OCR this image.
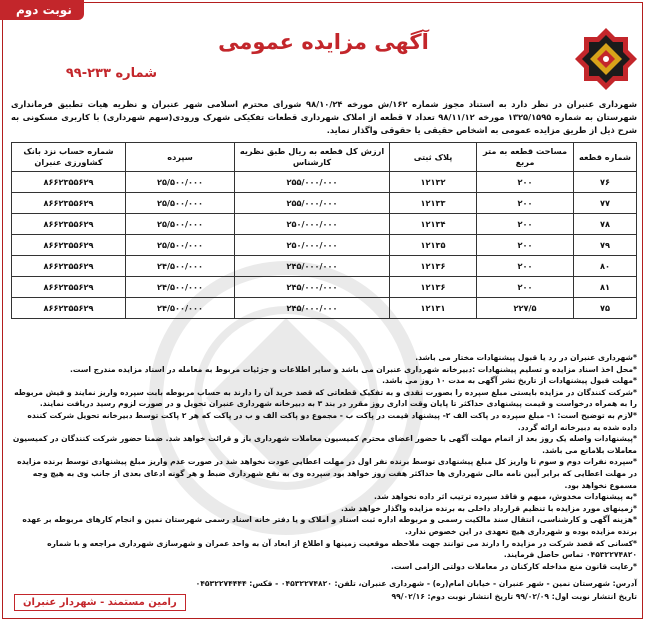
نوبت دوم
آگهی مزایده عمومی
شماره ۲۳۳-۹۹
شهرداری عنبران در نظر دارد به استناد مجوز شماره ۱۶۲/ش مورخه ۹۸/۱۰/۲۴ شورای محترم اسلامی شهر عنبران و نظریه هیات تطبیق فرمانداری شهرستان به شماره ۱۳۲۵/۱۵۹۵ مورخه ۹۸/۱۱/۱۲ تعداد ۷ قطعه از املاک شهرداری قطعات تفکیکی شهرک ورودی(سهم شهرداری) با کاربری مسکونی به شرح ذیل از طریق مزایده عمومی به اشخاص حقیقی یا حقوقی واگذار نماید.
شماره قطعه	مساحت قطعه به متر مربع	پلاک ثبتی	ارزش کل قطعه به ریال طبق نظریه کارشناس	سپرده	شماره حساب نزد بانک کشاورزی عنبران
۷۶	۲۰۰	۱۲۱۳۲	۲۵۵/۰۰۰/۰۰۰	۲۵/۵۰۰/۰۰۰	۸۶۶۲۳۵۵۶۲۹
۷۷	۲۰۰	۱۲۱۳۳	۲۵۵/۰۰۰/۰۰۰	۲۵/۵۰۰/۰۰۰	۸۶۶۲۳۵۵۶۲۹
۷۸	۲۰۰	۱۲۱۳۴	۲۵۰/۰۰۰/۰۰۰	۲۵/۵۰۰/۰۰۰	۸۶۶۲۳۵۵۶۲۹
۷۹	۲۰۰	۱۲۱۳۵	۲۵۰/۰۰۰/۰۰۰	۲۵/۵۰۰/۰۰۰	۸۶۶۲۳۵۵۶۲۹
۸۰	۲۰۰	۱۲۱۳۶	۲۴۵/۰۰۰/۰۰۰	۲۴/۵۰۰/۰۰۰	۸۶۶۲۳۵۵۶۲۹
۸۱	۲۰۰	۱۲۱۳۶	۲۴۵/۰۰۰/۰۰۰	۲۴/۵۰۰/۰۰۰	۸۶۶۲۳۵۵۶۲۹
۷۵	۲۲۷/۵	۱۲۱۳۱	۲۴۵/۰۰۰/۰۰۰	۲۴/۵۰۰/۰۰۰	۸۶۶۲۳۵۵۶۲۹

*شهرداری عنبران در رد یا قبول پیشنهادات مختار می باشد.

*محل اخذ اسناد مزایده و تسلیم پیشنهادات :دبیرخانه شهرداری عنبران می باشد و سایر اطلاعات و جزئیات مربوط به معامله در اسناد مزایده مندرج است.

*مهلت قبول پیشنهادات از تاریخ نشر آگهی به مدت ۱۰ روز می باشد.

*شرکت کنندگان در مزایده بایستی مبلغ سپرده را بصورت نقدی و به تفکیک قطعاتی که قصد خرید آن را دارند به حساب مربوطه بابت سپرده واریز نمایند و فیش مربوطه را به همراه درخواست و قیمت پیشنهادی حداکثر تا پایان وقت اداری روز مقرر در بند ۳ به دبیرخانه شهرداری عنبران تحویل و در صورت لزوم رسید دریافت نمایند.

*لازم به توضیح است: ۱- مبلغ سپرده در پاکت الف ۲- پیشنهاد قیمت در پاکت ب - مجموع دو پاکت الف و ب در پاکت که هر ۲ پاکت توسط دبیرخانه تحویل شرکت کننده داده شده به دبیرخانه ارائه گردد.

*پیشنهادات واصله یک روز بعد از اتمام مهلت آگهی با حضور اعضای محترم کمیسیون معاملات شهرداری باز و قرائت خواهد شد. ضمنا حضور شرکت کنندگان در کمیسیون معاملات بلامانع می باشد.

*سپرده نفرات دوم و سوم تا واریز کل مبلغ پیشنهادی توسط برنده نفر اول در مهلت اعطایی عودت نخواهد شد در صورت عدم واریز مبلغ پیشنهادی توسط برنده مزایده در مهلت اعطایی که برابر آیین نامه مالی شهرداری ها حداکثر هفت روز خواهد بود سپرده وی به نفع شهرداری ضبط و هر گونه ادعای بعدی از جانب وی به هیچ وجه مسموع نخواهد بود.

*به پیشنهادات مخدوش، مبهم و فاقد سپرده ترتیب اثر داده نخواهد شد.

*زمینهای مورد مزایده با تنظیم قرارداد داخلی به برنده مزایده واگذار خواهد شد.

*هزینه آگهی و کارشناسی، انتقال سند مالکیت رسمی و مربوطه اداره ثبت اسناد و املاک و یا دفتر خانه اسناد رسمی شهرستان نمین و انجام کارهای مربوطه بر عهده برنده مزایده بوده و شهرداری هیچ تعهدی در این خصوص ندارد.

*کسانی که قصد شرکت در مزایده را دارند می توانند جهت ملاحظه موقعیت زمینها و اطلاع از ابعاد آن به واحد عمران و شهرسازی شهرداری مراجعه و با شماره ۰۴۵۳۲۲۷۴۸۲۰ تماس حاصل فرمایند.

*رعایت قانون منع مداخله کارکنان در معاملات دولتی الزامی است.

آدرس: شهرستان نمین - شهر عنبران - خیابان امام(ره) - شهرداری عنبران، تلفن: ۰۴۵۳۲۲۷۴۸۲۰ - فکس: ۰۴۵۳۲۲۷۴۴۴۴
تاریخ انتشار نوبت اول: ۹۹/۰۲/۰۹ تاریخ انتشار نوبت دوم: ۹۹/۰۲/۱۶
رامین مستمند - شهردار عنبران
